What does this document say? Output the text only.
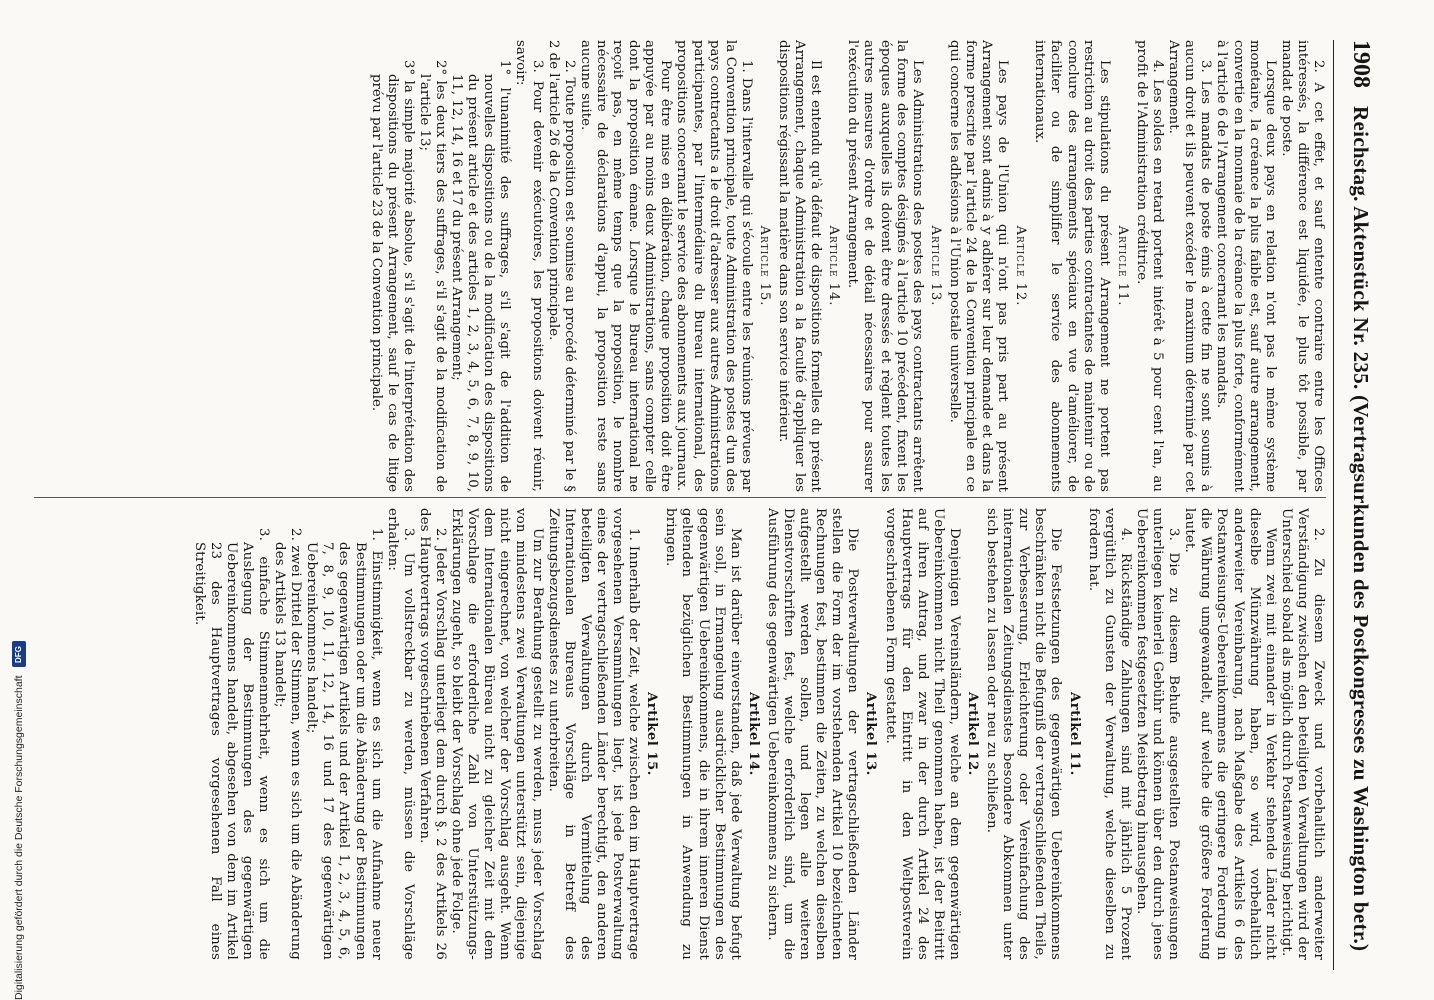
1908
Reichstag. Aktenstück Nr. 235. (Vertragsurkunden des Postkongresses zu Washington betr.)

2. A cet effet, et sauf entente contraire entre les Offices intéressés, la différence est liquidée, le plus tôt possible, par mandat de poste.

Lorsque deux pays en relation n'ont pas le même système monétaire, la créance la plus faible est, sauf autre arrangement, convertie en la monnaie de la créance la plus forte, conformément à l'article 6 de l'Arrangement concernant les mandats.

3. Les mandats de poste émis à cette fin ne sont soumis à aucun droit et ils peuvent excéder le maximum déterminé par cet Arrangement.

4. Les soldes en retard portent intérêt à 5 pour cent l'an, au profit de l'Administration créditrice.

Article 11.

Les stipulations du présent Arrangement ne portent pas restriction au droit des parties contractantes de maintenir ou de conclure des arrangements spéciaux en vue d'améliorer, de faciliter ou de simplifier le service des abonnements internationaux.

Article 12.

Les pays de l'Union qui n'ont pas pris part au présent Arrangement sont admis à y adhérer sur leur demande et dans la forme prescrite par l'article 24 de la Convention principale en ce qui concerne les adhésions à l'Union postale universelle.

Article 13.

Les Administrations des postes des pays contractants arrêtent la forme des comptes désignés à l'article 10 précédent, fixent les époques auxquelles ils doivent être dressés et règlent toutes les autres mesures d'ordre et de détail nécessaires pour assurer l'exécution du présent Arrangement.

Article 14.

Il est entendu qu'à défaut de dispositions formelles du présent Arrangement, chaque Administration a la faculté d'appliquer les dispositions régissant la matière dans son service intérieur.

Article 15.

1. Dans l'intervalle qui s'écoule entre les réunions prévues par la Convention principale, toute Administration des postes d'un des pays contractants a le droit d'adresser aux autres Administrations participantes, par l'intermédiaire du Bureau international, des propositions concernant le service des abonnements aux journaux.

Pour être mise en délibération, chaque proposition doit être appuyée par au moins deux Administrations, sans compter celle dont la proposition émane. Lorsque le Bureau international ne reçoit pas, en même temps que la proposition, le nombre nécessaire de déclarations d'appui, la proposition reste sans aucune suite.

2. Toute proposition est soumise au procédé déterminé par le § 2 de l'article 26 de la Convention principale.

3. Pour devenir exécutoires, les propositions doivent réunir, savoir:

1° l'unanimité des suffrages, s'il s'agit de l'addition de nouvelles dispositions ou de la modification des dispositions du présent article et des articles 1, 2, 3, 4, 5, 6, 7, 8, 9, 10, 11, 12, 14, 16 et 17 du présent Arrangement;

2° les deux tiers des suffrages, s'il s'agit de la modification de l'article 13;

3° la simple majorité absolue, s'il s'agit de l'interprétation des dispositions du présent Arrangement, sauf le cas de litige prévu par l'article 23 de la Convention principale.

2. Zu diesem Zweck und vorbehaltlich anderweiter Verständigung zwischen den beteiligten Verwaltungen wird der Unterschied sobald als möglich durch Postanweisung berichtigt.

Wenn zwei mit einander in Verkehr stehende Länder nicht dieselbe Münzwährung haben, so wird, vorbehaltlich anderweiter Vereinbarung, nach Maßgabe des Artikels 6 des Postanweisungs-Uebereinkommens die geringere Forderung in die Währung umgewandelt, auf welche die größere Forderung lautet.

3. Die zu diesem Behufe ausgestellten Postanweisungen unterliegen keinerlei Gebühr und können über den durch jenes Uebereinkommen festgesetzten Meistbetrag hinausgehen.

4. Rückständige Zahlungen sind mit jährlich 5 Prozent vergütlich zu Gunsten der Verwaltung, welche dieselben zu fordern hat.

Artikel 11.

Die Festsetzungen des gegenwärtigen Uebereinkommens beschränken nicht die Befugniß der vertragschließenden Theile, zur Verbesserung, Erleichterung oder Vereinfachung des internationalen Zeitungsdienstes besondere Abkommen unter sich bestehen zu lassen oder neu zu schließen.

Artikel 12.

Denjenigen Vereinsländern, welche an dem gegenwärtigen Uebereinkommen nicht Theil genommen haben, ist der Beitritt auf ihren Antrag, und zwar in der durch Artikel 24 des Hauptvertrags für den Eintritt in den Weltpostverein vorgeschriebenen Form gestattet.

Artikel 13.

Die Postverwaltungen der vertragschließenden Länder stellen die Form der im vorstehenden Artikel 10 bezeichneten Rechnungen fest, bestimmen die Zeiten, zu welchen dieselben aufgestellt werden sollen, und legen alle weiteren Dienstvorschriften fest, welche erforderlich sind, um die Ausführung des gegenwärtigen Uebereinkommens zu sichern.

Artikel 14.

Man ist darüber einverstanden, daß jede Verwaltung befugt sein soll, in Ermangelung ausdrücklicher Bestimmungen des gegenwärtigen Uebereinkommens, die in ihrem inneren Dienst geltenden bezüglichen Bestimmungen in Anwendung zu bringen.

Artikel 15.

1. Innerhalb der Zeit, welche zwischen den im Hauptvertrage vorgesehenen Versammlungen liegt, ist jede Postverwaltung eines der vertragschließenden Länder berechtigt, den anderen beteiligten Verwaltungen durch Vermittelung des Internationalen Bureaus Vorschläge in Betreff des Zeitungsbezugsdienstes zu unterbreiten.

Um zur Berathung gestellt zu werden, muss jeder Vorschlag von mindestens zwei Verwaltungen unterstützt sein, diejenige nicht eingerechnet, von welcher der Vorschlag ausgeht. Wenn dem Internationalen Büreau nicht zu gleicher Zeit mit dem Vorschlage die erforderliche Zahl von Unterstützungs-Erklärungen zugeht, so bleibt der Vorschlag ohne jede Folge.

2. Jeder Vorschlag unterliegt dem durch §. 2 des Artikels 26 des Hauptvertrags vorgeschriebenen Verfahren.

3. Um vollstreckbar zu werden, müssen die Vorschläge erhalten:

1. Einstimmigkeit, wenn es sich um die Aufnahme neuer Bestimmungen oder um die Abänderung der Bestimmungen des gegenwärtigen Artikels und der Artikel 1, 2, 3, 4, 5, 6, 7, 8, 9, 10, 11, 12, 14, 16 und 17 des gegenwärtigen Uebereinkommens handelt;

2. zwei Drittel der Stimmen, wenn es sich um die Abänderung des Artikels 13 handelt;

3. einfache Stimmenmehrheit, wenn es sich um die Auslegung der Bestimmungen des gegenwärtigen Uebereinkommens handelt, abgesehen von dem im Artikel 23 des Hauptvertrages vorgesehenen Fall eines Streitigkeit.

Digitalisierung gefördert durch die Deutsche Forschungsgemeinschaft
DFG
